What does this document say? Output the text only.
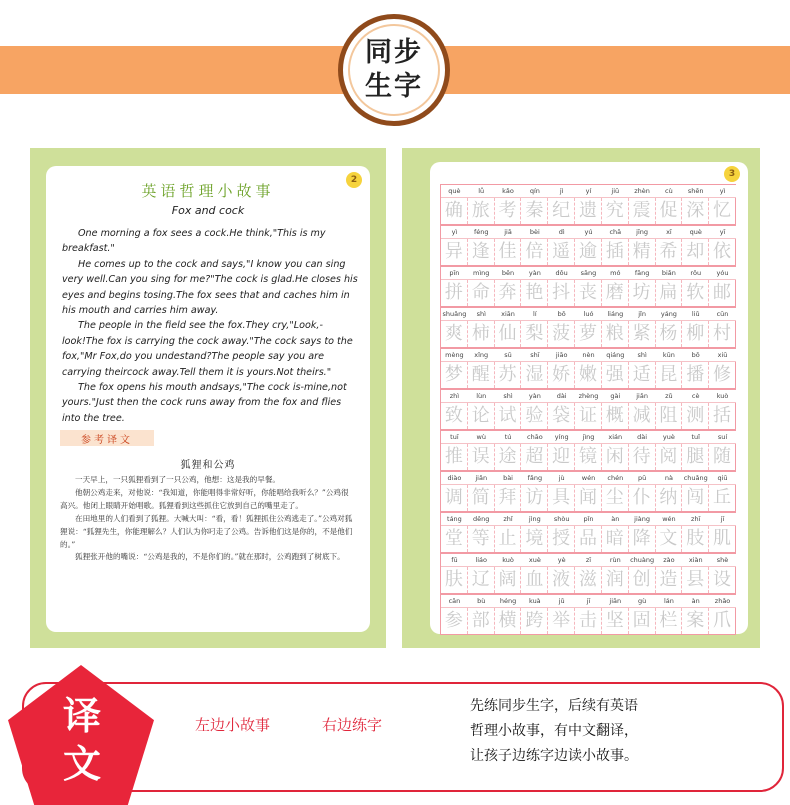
同步
生字
2
英语哲理小故事
Fox and cock

One morning a fox sees a cock.He think,"This is my breakfast."

He comes up to the cock and says,"I know you can sing very well.Can you sing for me?"The cock is glad.He closes his eyes and begins tosing.The fox sees that and caches him in his mouth and carries him away.

The people in the field see the fox.They cry,"Look,-look!The fox is carrying the cock away."The cock says to the fox,"Mr Fox,do you undestand?The people say you are carrying theircock away.Tell them it is yours.Not theirs."

The fox opens his mouth andsays,"The cock is-mine,not yours."Just then the cock runs away from the fox and flies into the tree.

参考译文
狐狸和公鸡

一天早上，一只狐狸看到了一只公鸡，他想：这是我的早餐。

他朝公鸡走来，对他说：“我知道，你能唱得非常好听，你能唱给我听么？”公鸡很高兴。他闭上眼睛开始唱歌。狐狸看到这些抓住它放到自己的嘴里走了。

在田地里的人们看到了狐狸。大喊大叫：“看，看！狐狸抓住公鸡逃走了。”公鸡对狐狸说：“狐狸先生，你能理解么？人们认为你叼走了公鸡。告诉他们这是你的，不是他们的。”

狐狸张开他的嘴说：“公鸡是我的，不是你们的。”就在那时，公鸡跑到了树底下。

3
què	lǚ	kǎo	qín	jì	yí	jiū	zhèn	cù	shēn	yì
确 旅 考 秦 纪 遗 究 震 促 深 忆
yì	féng	jiā	bèi	dì	yú	chā	jīng	xī	què	yī
异 逢 佳 倍 遥 逾 插 精 希 却 依
pīn	mìng	bēn	yàn	dǒu	sāng	mó	fāng	biǎn	rǒu	yóu
拼 命 奔 艳 抖 丧 磨 坊 扁 软 邮
shuǎng	shì	xiān	lí	bō	luó	liáng	jǐn	yáng	liǔ	cūn
爽 柿 仙 梨 菠 萝 粮 紧 杨 柳 村
mèng	xǐng	sū	shī	jiāo	nèn	qiáng	shì	kūn	bō	xiū
梦 醒 苏 湿 娇 嫩 强 适 昆 播 修
zhì	lùn	shì	yàn	dài	zhèng	gài	jiǎn	zǔ	cè	kuò
致 论 试 验 袋 证 概 减 阻 测 括
tuī	wù	tú	chāo	yíng	jìng	xián	dài	yuè	tuǐ	suí
推 误 途 超 迎 镜 闲 待 阅 腿 随
diào	jiǎn	bài	fǎng	jù	wén	chén	pū	nà	chuǎng	qiū
调 简 拜 访 具 闻 尘 仆 纳 闯 丘
táng	děng	zhǐ	jìng	shòu	pǐn	àn	jiàng	wén	zhī	jī
堂 等 止 境 授 品 暗 降 文 肢 肌
fū	liáo	kuò	xuè	yè	zī	rùn	chuàng	zào	xiàn	shè
肤 辽 阔 血 液 滋 润 创 造 县 设
cān	bù	héng	kuà	jǔ	jī	jiān	gù	lán	àn	zhǎo
参 部 横 跨 举 击 坚 固 栏 案 爪
译
文
左边小故事	右边练字
先练同步生字，后续有英语
哲理小故事，有中文翻译，
让孩子边练字边读小故事。
